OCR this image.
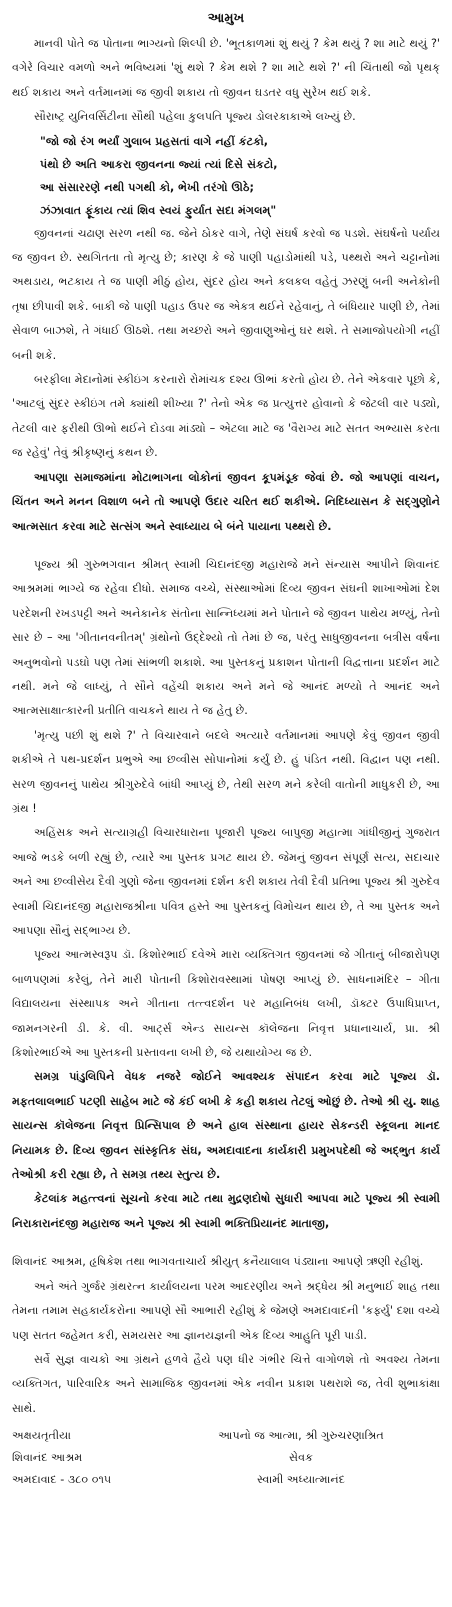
આમુખ

માનવી પોતે જ પોતાના ભાગ્યનો શિલ્પી છે. 'ભૂતકાળમાં શું થયું ? કેમ થયું ? શા માટે થયું ?' વગેરે વિચાર વમળો અને ભવિષ્યમાં 'શું થશે ? કેમ થશે ? શા માટે થશે ?' ની ચિંતાથી જો પૃથક્ થઈ શકાય અને વર્તમાનમાં જ જીવી શકાય તો જીવન ઘડતર વધુ સુરેખ થઈ શકે.

સૌરાષ્ટ્ર યુનિવર્સિટીના સૌથી પહેલા કુલપતિ પૂજ્ય ડોલરકાકાએ લખ્યું છે.

"જો જો રંગ ભર્યાં ગુલાબ પ્રહસતાં વાગે નહીં કંટકો,
પંથો છે અતિ આકરા જીવનના જ્યાં ત્યાં દિસે સંકટો,
આ સંસારરણે નથી પગથી કો, ભેખી તરંગો ઊઠે;
ઝંઝાવાત ફૂંકાય ત્યાં શિવ સ્વયં ફુર્યાત સદા મંગલમ્"

જીવનનાં ચઢાણ સરળ નથી જ. જેને ઠોકર વાગે, તેણે સંઘર્ષ કરવો જ પડશે. સંઘર્ષનો પર્યાય જ જીવન છે. સ્થગિતતા તો મૃત્યુ છે; કારણ કે જે પાણી પહાડોમાંથી પડે, પથ્થરો અને ચટ્ટાનોમાં અથડાય, ભટકાય તે જ પાણી મીઠું હોય, સુંદર હોય અને કલકલ વહેતું ઝરણું બની અનેકોની તૃષા છીપાવી શકે. બાકી જે પાણી પહાડ ઉપર જ એકત્ર થઈને રહેવાનું, તે બંધિયાર પાણી છે, તેમાં સેવાળ બાઝશે, તે ગંધાઈ ઊઠશે. તથા મચ્છરો અને જીવાણુઓનું ઘર થશે. તે સમાજોપયોગી નહીં બની શકે.

બરફીલા મેદાનોમાં સ્કીઇંગ કરનારો રોમાંચક દશ્ય ઊભાં કરતો હોય છે. તેને એકવાર પૂછો કે, 'આટલું સુંદર સ્કીઇંગ તમે ક્યાંથી શીખ્યા ?' તેનો એક જ પ્રત્યુત્તર હોવાનો કે જેટલી વાર પડ્યો, તેટલી વાર ફરીથી ઊભો થઈને દોડવા માંડ્યો – એટલા માટે જ 'વૈરાગ્ય માટે સતત અભ્યાસ કરતા જ રહેવું' તેવું શ્રીકૃષ્ણનું કથન છે.

આપણા સમાજમાંના મોટાભાગના લોકોનાં જીવન કૂપમંડૂક જેવાં છે. જો આપણાં વાચન, ચિંતન અને મનન વિશાળ બને તો આપણે ઉદાર ચરિત થઈ શકીએ. નિદિધ્યાસન કે સદ્ગુણોને આત્મસાત કરવા માટે સત્સંગ અને સ્વાધ્યાય બે બંને પાયાના પથ્થરો છે.

પૂજ્ય શ્રી ગુરુભગવાન શ્રીમત્ સ્વામી ચિદાનંદજી મહારાજે મને સંન્યાસ આપીને શિવાનંદ આશ્રમમાં ભાગ્યે જ રહેવા દીધો. સમાજ વચ્ચે, સંસ્થાઓમાં દિવ્ય જીવન સંઘની શાખાઓમાં દેશ પરદેશની રખડપટ્ટી અને અનેકાનેક સંતોના સાન્નિધ્યમાં મને પોતાને જે જીવન પાથેય મળ્યું, તેનો સાર છે – આ 'ગીતાનવનીતમ્' ગ્રંથોનો ઉદ્દેશ્યો તો તેમાં છે જ, પરંતુ સાધુજીવનના બત્રીસ વર્ષના અનુભવોનો પડઘો પણ તેમાં સાંભળી શકાશે. આ પુસ્તકનું પ્રકાશન પોતાની વિદ્વત્તાના પ્રદર્શન માટે નથી. મને જે લાધ્યું, તે સૌને વહેંચી શકાય અને મને જે આનંદ મળ્યો તે આનંદ અને આત્મસાક્ષાત્કારની પ્રતીતિ વાચકને થાય તે જ હેતુ છે.

'મૃત્યુ પછી શું થશે ?' તે વિચારવાને બદલે અત્યારે વર્તમાનમાં આપણે કેવું જીવન જીવી શકીએ તે પથ-પ્રદર્શન પ્રભુએ આ છવ્વીસ સોપાનોમાં કર્યું છે. હું પંડિત નથી. વિદ્વાન પણ નથી. સરળ જીવનનું પાથેય શ્રીગુરુદેવે બાંધી આપ્યું છે, તેથી સરળ મને કરેલી વાતોની માધુકરી છે, આ ગ્રંથ !

અહિંસક અને સત્યાગ્રહી વિચારધારાના પૂજારી પૂજ્ય બાપુજી મહાત્મા ગાંધીજીનું ગુજરાત આજે ભડકે બળી રહ્યું છે, ત્યારે આ પુસ્તક પ્રગટ થાય છે. જેમનું જીવન સંપૂર્ણ સત્ય, સદાચાર અને આ છવ્વીસેય દૈવી ગુણો જેના જીવનમાં દર્શન કરી શકાય તેવી દૈવી પ્રતિભા પૂજ્ય શ્રી ગુરુદેવ સ્વામી ચિદાનંદજી મહારાજશ્રીના પવિત્ર હસ્તે આ પુસ્તકનું વિમોચન થાય છે, તે આ પુસ્તક અને આપણા સૌનું સદ્ભાગ્ય છે.

પૂજ્ય આત્મસ્વરૂપ ડૉ. કિશોરભાઈ દવેએ મારા વ્યક્તિગત જીવનમાં જે ગીતાનું બીજારોપણ બાળપણમાં કરેલું, તેને મારી પોતાની કિશોરાવસ્થામાં પોષણ આપ્યું છે. સાધનામંદિર – ગીતા વિદ્યાલયના સંસ્થાપક અને ગીતાના તત્ત્વદર્શન પર મહાનિબંધ લખી, ડૉક્ટર ઉપાધિપ્રાપ્ત, જામનગરની ડી. કે. વી. આર્ટ્સ એન્ડ સાયન્સ કૉલેજના નિવૃત્ત પ્રધાનાચાર્ય, પ્રા. શ્રી કિશોરભાઈએ આ પુસ્તકની પ્રસ્તાવના લખી છે, જે યથાયોગ્ય જ છે.

સમગ્ર પાંડુલિપિને વેધક નજરે જોઈને આવશ્યક સંપાદન કરવા માટે પૂજ્ય ડૉ. મફતલાલભાઈ પટણી સાહેબ માટે જે કંઈ લખી કે કહી શકાય તેટલું ઓછું છે. તેઓ શ્રી યુ. શાહ સાયન્સ કૉલેજના નિવૃત્ત પ્રિન્સિપાલ છે અને હાલ સંસ્થાના હાયર સેકન્ડરી સ્કૂલના માનદ નિયામક છે. દિવ્ય જીવન સાંસ્કૃતિક સંઘ, અમદાવાદના કાર્યકારી પ્રમુખપદેથી જે અદ્ભુત કાર્ય તેઓશ્રી કરી રહ્યા છે, તે સમગ્ર તથ્ય સ્તુત્ય છે.

કેટલાંક મહત્ત્વનાં સૂચનો કરવા માટે તથા મુદ્રણદોષો સુધારી આપવા માટે પૂજ્ય શ્રી સ્વામી નિરાકારાનંદજી મહારાજ અને પૂજ્ય શ્રી સ્વામી ભક્તિપ્રિયાનંદ માતાજી,

શિવાનંદ આશ્રમ, હૃષિકેશ તથા ભાગવતાચાર્ય શ્રીયુત્ કનૈયાલાલ પંડ્યાના આપણે ઋણી રહીશું.

અને અંતે ગુર્જર ગ્રંથરત્ન કાર્યાલયના પરમ આદરણીય અને શ્રદ્ધેય શ્રી મનુભાઈ શાહ તથા તેમના તમામ સહકાર્યકરોના આપણે સૌ આભારી રહીશું કે જેમણે અમદાવાદની 'કર્ફ્યુ' દશા વચ્ચે પણ સતત જહેમત કરી, સમયસર આ જ્ઞાનયજ્ઞની એક દિવ્ય આહુતિ પૂરી પાડી.

સર્વે સુજ્ઞ વાચકો આ ગ્રંથને હળવે હૈયે પણ ધીર ગંભીર ચિત્તે વાગોળશે તો અવશ્ય તેમના વ્યક્તિગત, પારિવારિક અને સામાજિક જીવનમાં એક નવીન પ્રકાશ પથરાશે જ, તેવી શુભાકાંક્ષા સાથે.

અક્ષયતૃતીયા	આપનો જ આત્મા, શ્રી ગુરુચરણાશ્રિત
શિવાનંદ આશ્રમ	સેવક
અમદાવાદ - ૩૮૦ ૦૧૫	સ્વામી અધ્યાત્માનંદ
